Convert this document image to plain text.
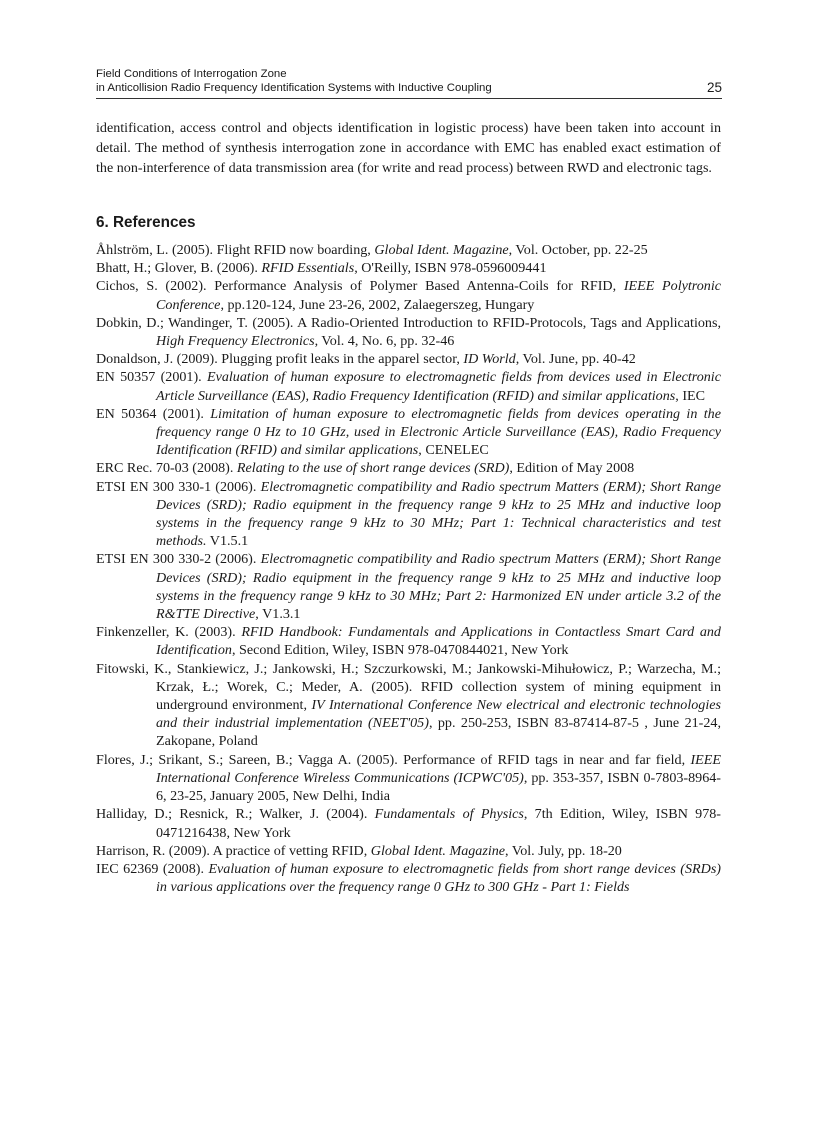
Field Conditions of Interrogation Zone
in Anticollision Radio Frequency Identification Systems with Inductive Coupling	25

identification, access control and objects identification in logistic process) have been taken into account in detail. The method of synthesis interrogation zone in accordance with EMC has enabled exact estimation of the non-interference of data transmission area (for write and read process) between RWD and electronic tags.

6. References
Åhlström, L. (2005). Flight RFID now boarding, Global Ident. Magazine, Vol. October, pp. 22-25
Bhatt, H.; Glover, B. (2006). RFID Essentials, O'Reilly, ISBN 978-0596009441
Cichos, S. (2002). Performance Analysis of Polymer Based Antenna-Coils for RFID, IEEE Polytronic Conference, pp.120-124, June 23-26, 2002, Zalaegerszeg, Hungary
Dobkin, D.; Wandinger, T. (2005). A Radio-Oriented Introduction to RFID-Protocols, Tags and Applications, High Frequency Electronics, Vol. 4, No. 6, pp. 32-46
Donaldson, J. (2009). Plugging profit leaks in the apparel sector, ID World, Vol. June, pp. 40-42
EN 50357 (2001). Evaluation of human exposure to electromagnetic fields from devices used in Electronic Article Surveillance (EAS), Radio Frequency Identification (RFID) and similar applications, IEC
EN 50364 (2001). Limitation of human exposure to electromagnetic fields from devices operating in the frequency range 0 Hz to 10 GHz, used in Electronic Article Surveillance (EAS), Radio Frequency Identification (RFID) and similar applications, CENELEC
ERC Rec. 70-03 (2008). Relating to the use of short range devices (SRD), Edition of May 2008
ETSI EN 300 330-1 (2006). Electromagnetic compatibility and Radio spectrum Matters (ERM); Short Range Devices (SRD); Radio equipment in the frequency range 9 kHz to 25 MHz and inductive loop systems in the frequency range 9 kHz to 30 MHz; Part 1: Technical characteristics and test methods. V1.5.1
ETSI EN 300 330-2 (2006). Electromagnetic compatibility and Radio spectrum Matters (ERM); Short Range Devices (SRD); Radio equipment in the frequency range 9 kHz to 25 MHz and inductive loop systems in the frequency range 9 kHz to 30 MHz; Part 2: Harmonized EN under article 3.2 of the R&TTE Directive, V1.3.1
Finkenzeller, K. (2003). RFID Handbook: Fundamentals and Applications in Contactless Smart Card and Identification, Second Edition, Wiley, ISBN 978-0470844021, New York
Fitowski, K., Stankiewicz, J.; Jankowski, H.; Szczurkowski, M.; Jankowski-Mihułowicz, P.; Warzecha, M.; Krzak, Ł.; Worek, C.; Meder, A. (2005). RFID collection system of mining equipment in underground environment, IV International Conference New electrical and electronic technologies and their industrial implementation (NEET'05), pp. 250-253, ISBN 83-87414-87-5 , June 21-24, Zakopane, Poland
Flores, J.; Srikant, S.; Sareen, B.; Vagga A. (2005). Performance of RFID tags in near and far field, IEEE International Conference Wireless Communications (ICPWC'05), pp. 353-357, ISBN 0-7803-8964-6, 23-25, January 2005, New Delhi, India
Halliday, D.; Resnick, R.; Walker, J. (2004). Fundamentals of Physics, 7th Edition, Wiley, ISBN 978-0471216438, New York
Harrison, R. (2009). A practice of vetting RFID, Global Ident. Magazine, Vol. July, pp. 18-20
IEC 62369 (2008). Evaluation of human exposure to electromagnetic fields from short range devices (SRDs) in various applications over the frequency range 0 GHz to 300 GHz - Part 1: Fields
